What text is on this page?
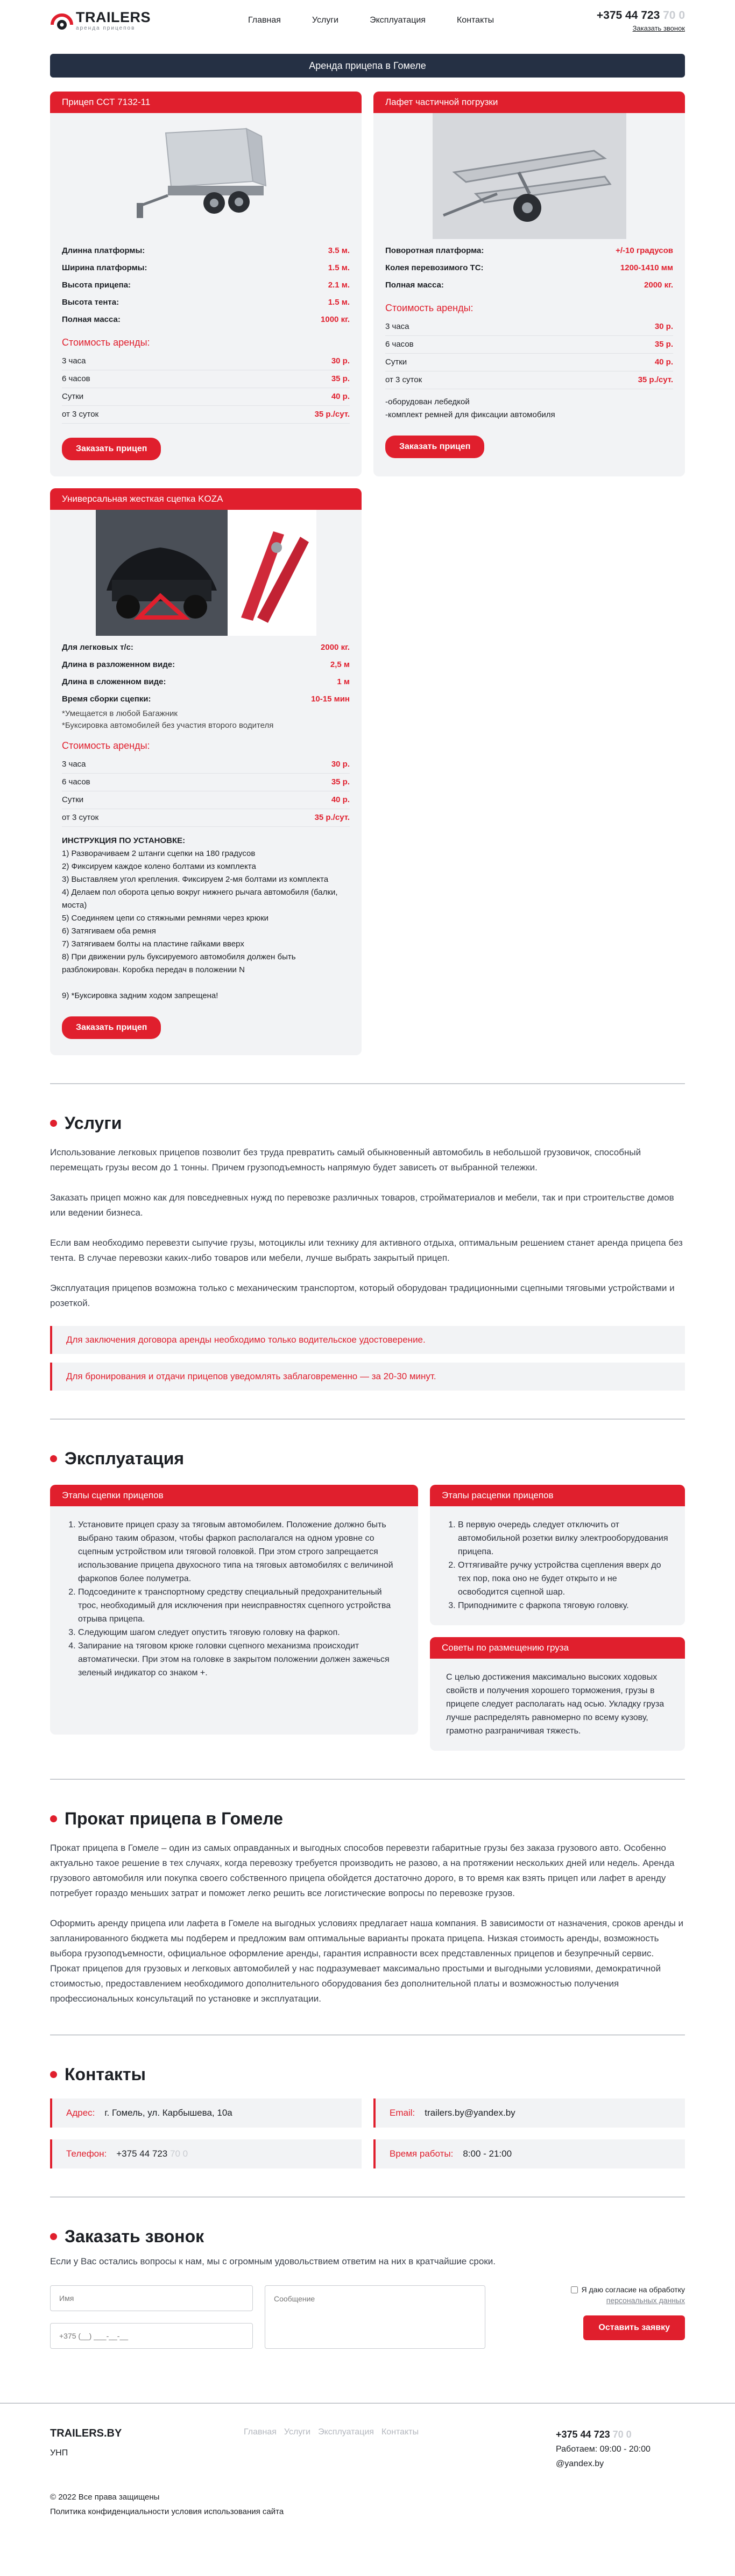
TRAILERS
аренда прицепов
Главная	Услуги	Эксплуатация	Контакты	+375 44 723 70 0
Заказать звонок
Аренда прицепа в Гомеле
Прицеп ССТ 7132-11
Длинна платформы:	3.5 м.
Ширина платформы:	1.5 м.
Высота прицепа:	2.1 м.
Высота тента:	1.5 м.
Полная масса:	1000 кг.
Стоимость аренды:
3 часа	30 р.
6 часов	35 р.
Сутки	40 р.
от 3 суток	35 р./сут.
Заказать прицеп
Лафет частичной погрузки
Поворотная платформа:	+/-10 градусов
Колея перевозимого ТС:	1200-1410 мм
Полная масса:	2000 кг.
Стоимость аренды:
3 часа	30 р.
6 часов	35 р.
Сутки	40 р.
от 3 суток	35 р./сут.
-оборудован лебедкой
-комплект ремней для фиксации автомобиля
Заказать прицеп
Универсальная жесткая сцепка KOZA
Для легковых т/с:	2000 кг.
Длина в разложенном виде:	2,5 м
Длина в сложенном виде:	1 м
Время сборки сцепки:	10-15 мин
*Умещается в любой Багажник
*Буксировка автомобилей без участия второго водителя
Стоимость аренды:
3 часа	30 р.
6 часов	35 р.
Сутки	40 р.
от 3 суток	35 р./сут.
ИНСТРУКЦИЯ ПО УСТАНОВКЕ:
1) Разворачиваем 2 штанги сцепки на 180 градусов
2) Фиксируем каждое колено болтами из комплекта
3) Выставляем угол крепления. Фиксируем 2-мя болтами из комплекта
4) Делаем пол оборота цепью вокруг нижнего рычага автомобиля (балки, моста)
5) Соединяем цепи со стяжными ремнями через крюки
6) Затягиваем оба ремня
7) Затягиваем болты на пластине гайками вверх
8) При движении руль буксируемого автомобиля должен быть разблокирован. Коробка передач в положении N
9) *Буксировка задним ходом запрещена!
Заказать прицеп
Услуги

Использование легковых прицепов позволит без труда превратить самый обыкновенный автомобиль в небольшой грузовичок, способный перемещать грузы весом до 1 тонны. Причем грузоподъемность напрямую будет зависеть от выбранной тележки.

Заказать прицеп можно как для повседневных нужд по перевозке различных товаров, стройматериалов и мебели, так и при строительстве домов или ведении бизнеса.

Если вам необходимо перевезти сыпучие грузы, мотоциклы или технику для активного отдыха, оптимальным решением станет аренда прицепа без тента. В случае перевозки каких-либо товаров или мебели, лучше выбрать закрытый прицеп.

Эксплуатация прицепов возможна только с механическим транспортом, который оборудован традиционными сцепными тяговыми устройствами и розеткой.

Для заключения договора аренды необходимо только водительское удостоверение.
Для бронирования и отдачи прицепов уведомлять заблаговременно — за 20-30 минут.
Эксплуатация
Этапы сцепки прицепов
1. Установите прицеп сразу за тяговым автомобилем. Положение должно быть выбрано таким образом, чтобы фаркоп располагался на одном уровне со сцепным устройством или тяговой головкой. При этом строго запрещается использование прицепа двухосного типа на тяговых автомобилях с величиной фаркопов более полуметра.
2. Подсоедините к транспортному средству специальный предохранительный трос, необходимый для исключения при неисправностях сцепного устройства отрыва прицепа.
3. Следующим шагом следует опустить тяговую головку на фаркоп.
4. Запирание на тяговом крюке головки сцепного механизма происходит автоматически. При этом на головке в закрытом положении должен зажечься зеленый индикатор со знаком +.
Этапы расцепки прицепов
1. В первую очередь следует отключить от автомобильной розетки вилку электрооборудования прицепа.
2. Оттягивайте ручку устройства сцепления вверх до тех пор, пока оно не будет открыто и не освободится сцепной шар.
3. Приподнимите с фаркопа тяговую головку.
Советы по размещению груза

С целью достижения максимально высоких ходовых свойств и получения хорошего торможения, грузы в прицепе следует располагать над осью. Укладку груза лучше распределять равномерно по всему кузову, грамотно разграничивая тяжесть.

Прокат прицепа в Гомеле

Прокат прицепа в Гомеле – один из самых оправданных и выгодных способов перевезти габаритные грузы без заказа грузового авто. Особенно актуально такое решение в тех случаях, когда перевозку требуется производить не разово, а на протяжении нескольких дней или недель. Аренда грузового автомобиля или покупка своего собственного прицепа обойдется достаточно дорого, в то время как взять прицеп или лафет в аренду потребует гораздо меньших затрат и поможет легко решить все логистические вопросы по перевозке грузов.

Оформить аренду прицепа или лафета в Гомеле на выгодных условиях предлагает наша компания. В зависимости от назначения, сроков аренды и запланированного бюджета мы подберем и предложим вам оптимальные варианты проката прицепа. Низкая стоимость аренды, возможность выбора грузоподъемности, официальное оформление аренды, гарантия исправности всех представленных прицепов и безупречный сервис. Прокат прицепов для грузовых и легковых автомобилей у нас подразумевает максимально простыми и выгодными условиями, демократичной стоимостью, предоставлением необходимого дополнительного оборудования без дополнительной платы и возможностью получения профессиональных консультаций по установке и эксплуатации.

Контакты
Адрес: г. Гомель, ул. Карбышева, 10а	Email: trailers.by@yandex.by
Телефон: +375 44 723
70 0	Время работы: 8:00 - 21:00
Заказать звонок

Если у Вас остались вопросы к нам, мы с огромным удовольствием ответим на них в кратчайшие сроки.

Имя
+375 (__) ___-__-__
Сообщение
Я даю согласие на обработку
персональных данных
Оставить заявку
TRAILERS.BY
УНП
Главная Услуги Эксплуатация Контакты	+375 44 723 70 0
Работаем: 09:00 - 20:00
@yandex.by
© 2022 Все права защищены
Политика конфиденциальности условия использования сайта
